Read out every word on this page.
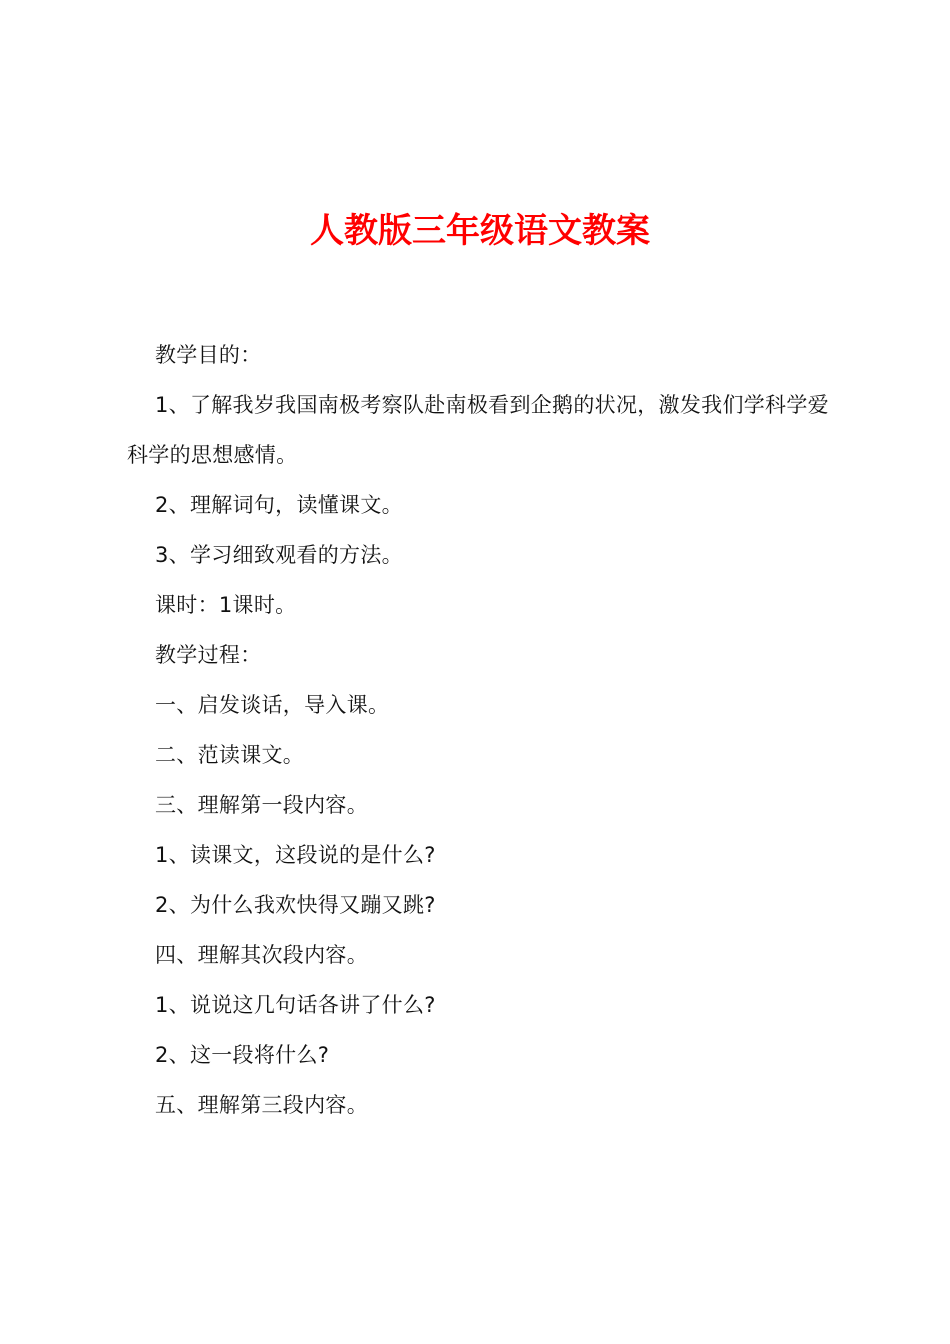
人教版三年级语文教案

教学目的：

1、了解我岁我国南极考察队赴南极看到企鹅的状况，激发我们学科学爱科学的思想感情。

2、理解词句，读懂课文。

3、学习细致观看的方法。

课时：1课时。

教学过程：

一、启发谈话，导入课。

二、范读课文。

三、理解第一段内容。

1、读课文，这段说的是什么?

2、为什么我欢快得又蹦又跳?

四、理解其次段内容。

1、说说这几句话各讲了什么?

2、这一段将什么?

五、理解第三段内容。
